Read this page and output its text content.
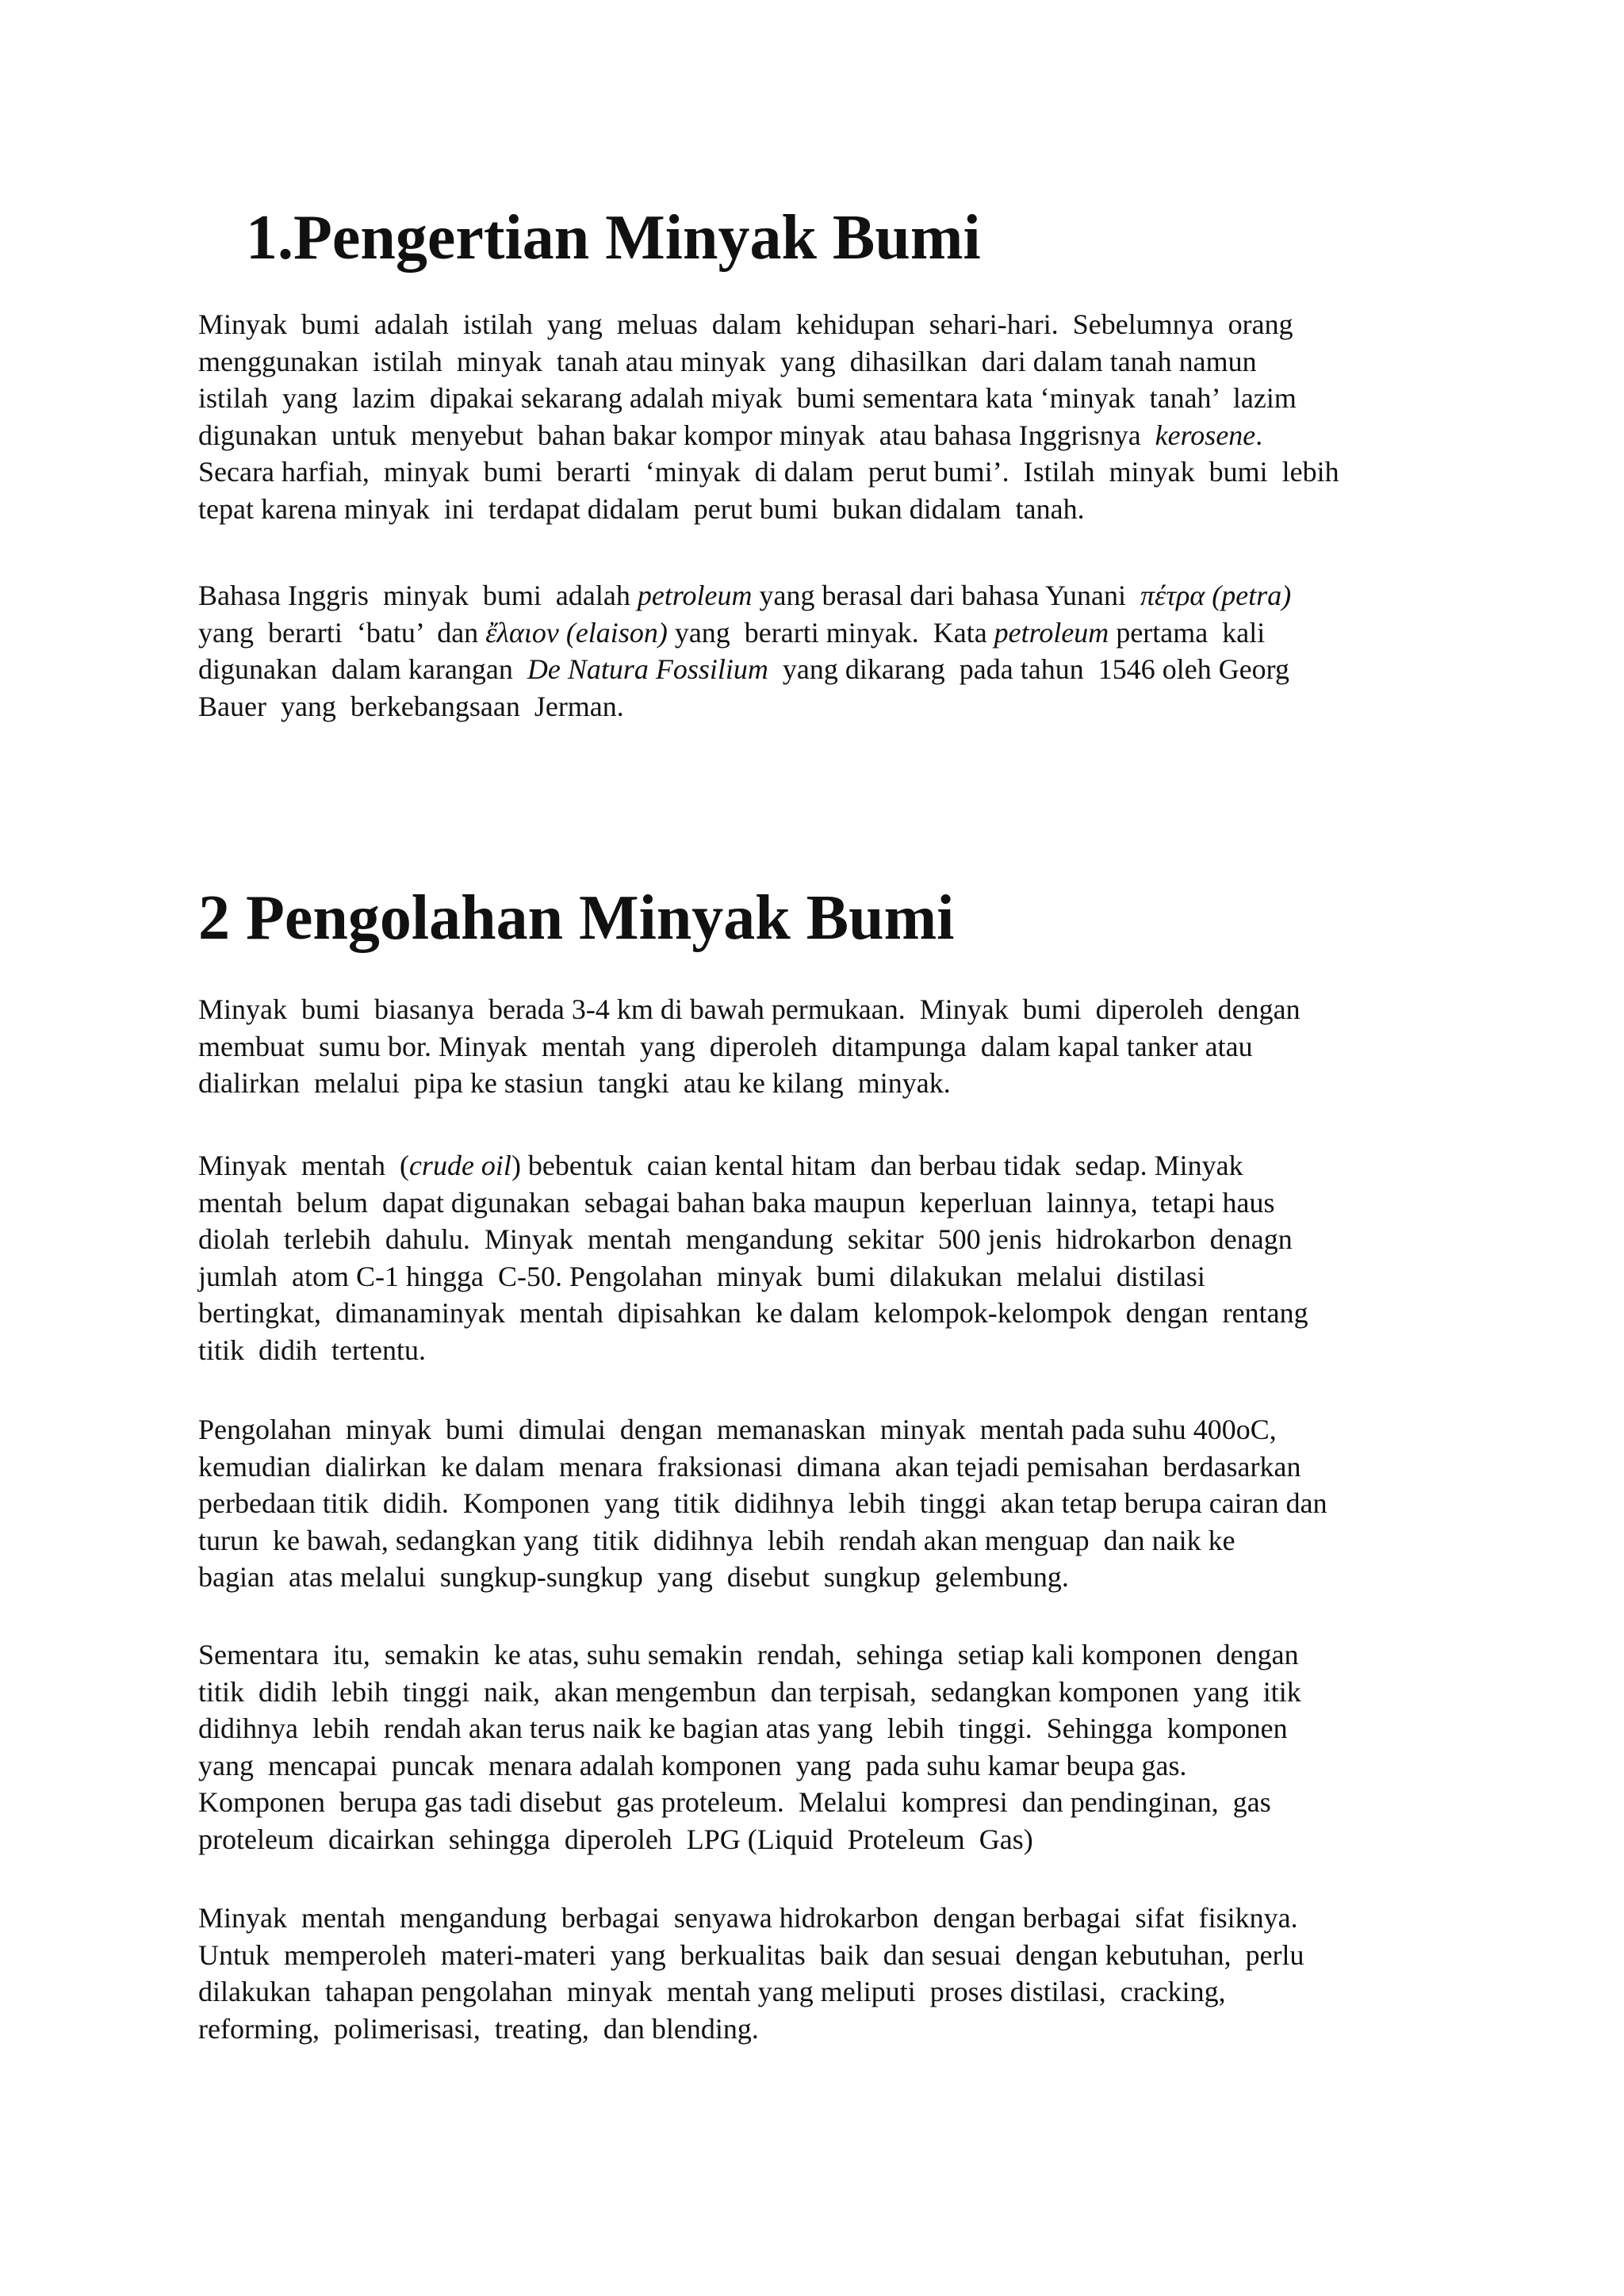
1.Pengertian Minyak Bumi
Minyak  bumi  adalah  istilah  yang  meluas  dalam  kehidupan  sehari-hari.  Sebelumnya  orang
menggunakan  istilah  minyak  tanah atau minyak  yang  dihasilkan  dari dalam tanah namun
istilah  yang  lazim  dipakai sekarang adalah miyak  bumi sementara kata ‘minyak  tanah’  lazim
digunakan  untuk  menyebut  bahan bakar kompor minyak  atau bahasa Inggrisnya  kerosene.
Secara harfiah,  minyak  bumi  berarti  ‘minyak  di dalam  perut bumi’.  Istilah  minyak  bumi  lebih
tepat karena minyak  ini  terdapat didalam  perut bumi  bukan didalam  tanah.
Bahasa Inggris  minyak  bumi  adalah petroleum yang berasal dari bahasa Yunani  πέτρα (petra)
yang  berarti  ‘batu’  dan ἔλαιον (elaison) yang  berarti minyak.  Kata petroleum pertama  kali
digunakan  dalam karangan  De Natura Fossilium  yang dikarang  pada tahun  1546 oleh Georg
Bauer  yang  berkebangsaan  Jerman.
2 Pengolahan Minyak Bumi
Minyak  bumi  biasanya  berada 3-4 km di bawah permukaan.  Minyak  bumi  diperoleh  dengan
membuat  sumu bor. Minyak  mentah  yang  diperoleh  ditampunga  dalam kapal tanker atau
dialirkan  melalui  pipa ke stasiun  tangki  atau ke kilang  minyak.
Minyak  mentah  (crude oil) bebentuk  caian kental hitam  dan berbau tidak  sedap. Minyak
mentah  belum  dapat digunakan  sebagai bahan baka maupun  keperluan  lainnya,  tetapi haus
diolah  terlebih  dahulu.  Minyak  mentah  mengandung  sekitar  500 jenis  hidrokarbon  denagn
jumlah  atom C-1 hingga  C-50. Pengolahan  minyak  bumi  dilakukan  melalui  distilasi
bertingkat,  dimanaminyak  mentah  dipisahkan  ke dalam  kelompok-kelompok  dengan  rentang
titik  didih  tertentu.
Pengolahan  minyak  bumi  dimulai  dengan  memanaskan  minyak  mentah pada suhu 400oC,
kemudian  dialirkan  ke dalam  menara  fraksionasi  dimana  akan tejadi pemisahan  berdasarkan
perbedaan titik  didih.  Komponen  yang  titik  didihnya  lebih  tinggi  akan tetap berupa cairan dan
turun  ke bawah, sedangkan yang  titik  didihnya  lebih  rendah akan menguap  dan naik ke
bagian  atas melalui  sungkup-sungkup  yang  disebut  sungkup  gelembung.
Sementara  itu,  semakin  ke atas, suhu semakin  rendah,  sehinga  setiap kali komponen  dengan
titik  didih  lebih  tinggi  naik,  akan mengembun  dan terpisah,  sedangkan komponen  yang  itik
didihnya  lebih  rendah akan terus naik ke bagian atas yang  lebih  tinggi.  Sehingga  komponen
yang  mencapai  puncak  menara adalah komponen  yang  pada suhu kamar beupa gas.
Komponen  berupa gas tadi disebut  gas proteleum.  Melalui  kompresi  dan pendinginan,  gas
proteleum  dicairkan  sehingga  diperoleh  LPG (Liquid  Proteleum  Gas)
Minyak  mentah  mengandung  berbagai  senyawa hidrokarbon  dengan berbagai  sifat  fisiknya.
Untuk  memperoleh  materi-materi  yang  berkualitas  baik  dan sesuai  dengan kebutuhan,  perlu
dilakukan  tahapan pengolahan  minyak  mentah yang meliputi  proses distilasi,  cracking,
reforming,  polimerisasi,  treating,  dan blending.
